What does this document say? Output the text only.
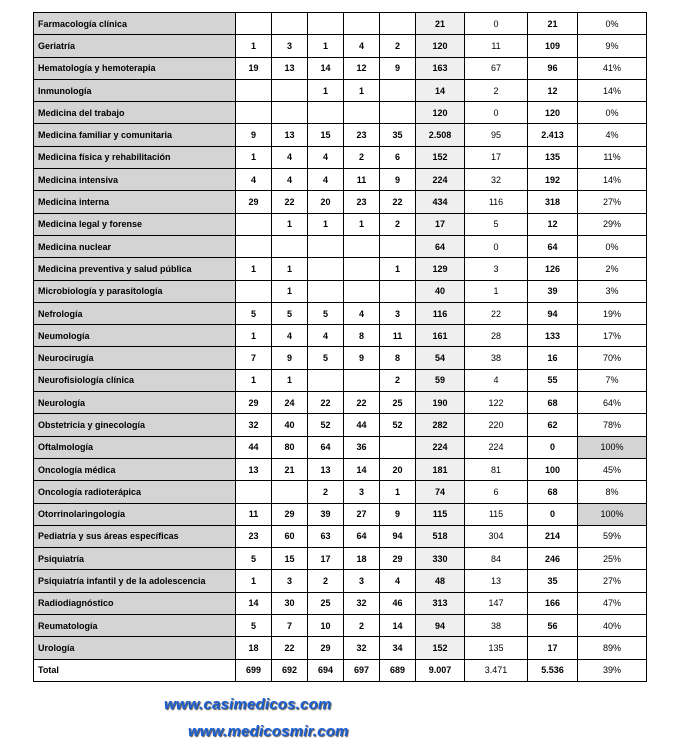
Farmacología clínica						21	0	21	0%
Geriatría	1	3	1	4	2	120	11	109	9%
Hematología y hemoterapia	19	13	14	12	9	163	67	96	41%
Inmunología			1	1		14	2	12	14%
Medicina del trabajo						120	0	120	0%
Medicina familiar y comunitaria	9	13	15	23	35	2.508	95	2.413	4%
Medicina física y rehabilitación	1	4	4	2	6	152	17	135	11%
Medicina intensiva	4	4	4	11	9	224	32	192	14%
Medicina interna	29	22	20	23	22	434	116	318	27%
Medicina legal y forense		1	1	1	2	17	5	12	29%
Medicina nuclear						64	0	64	0%
Medicina preventiva y salud pública	1	1			1	129	3	126	2%
Microbiología y parasitología		1				40	1	39	3%
Nefrología	5	5	5	4	3	116	22	94	19%
Neumología	1	4	4	8	11	161	28	133	17%
Neurocirugía	7	9	5	9	8	54	38	16	70%
Neurofisiología clínica	1	1			2	59	4	55	7%
Neurología	29	24	22	22	25	190	122	68	64%
Obstetricia y ginecología	32	40	52	44	52	282	220	62	78%
Oftalmología	44	80	64	36		224	224	0	100%
Oncología médica	13	21	13	14	20	181	81	100	45%
Oncología radioterápica			2	3	1	74	6	68	8%
Otorrinolaringología	11	29	39	27	9	115	115	0	100%
Pediatría y sus áreas específicas	23	60	63	64	94	518	304	214	59%
Psiquiatría	5	15	17	18	29	330	84	246	25%
Psiquiatría infantil y de la adolescencia	1	3	2	3	4	48	13	35	27%
Radiodiagnóstico	14	30	25	32	46	313	147	166	47%
Reumatología	5	7	10	2	14	94	38	56	40%
Urología	18	22	29	32	34	152	135	17	89%
Total	699	692	694	697	689	9.007	3.471	5.536	39%
www.casimedicos.com
www.medicosmir.com
